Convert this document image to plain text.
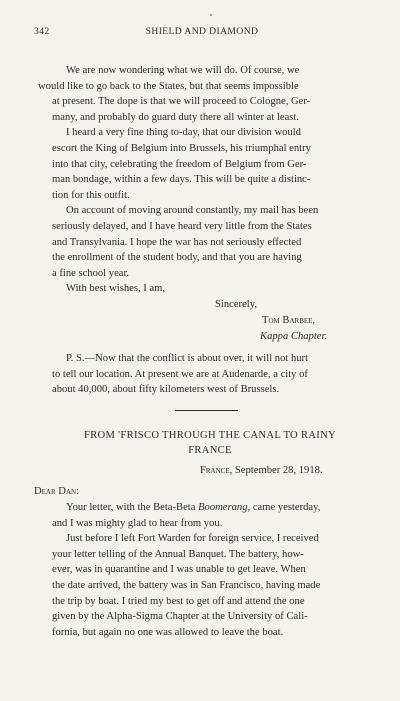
342	SHIELD AND DIAMOND

We are now wondering what we will do. Of course, we
would like to go back to the States, but that seems impossible
at present. The dope is that we will proceed to Cologne, Ger-
many, and probably do guard duty there all winter at least.

I heard a very fine thing to-day, that our division would
escort the King of Belgium into Brussels, his triumphal entry
into that city, celebrating the freedom of Belgium from Ger-
man bondage, within a few days. This will be quite a distinc-
tion for this outfit.

On account of moving around constantly, my mail has been
seriously delayed, and I have heard very little from the States
and Transylvania. I hope the war has not seriously effected
the enrollment of the student body, and that you are having
a fine school year.

With best wishes, I am,

Sincerely,
Tom Barbee,
Kappa Chapter.

P. S.—Now that the conflict is about over, it will not hurt
to tell our location. At present we are at Audenarde, a city of
about 40,000, about fifty kilometers west of Brussels.

FROM 'FRISCO THROUGH THE CANAL TO RAINY
FRANCE
France, September 28, 1918.
Dear Dan:

Your letter, with the Beta-Beta Boomerang, came yesterday,
and I was mighty glad to hear from you.

Just before I left Fort Warden for foreign service, I received
your letter telling of the Annual Banquet. The battery, how-
ever, was in quarantine and I was unable to get leave. When
the date arrived, the battery was in San Francisco, having made
the trip by boat. I tried my best to get off and attend the one
given by the Alpha-Sigma Chapter at the University of Cali-
fornia, but again no one was allowed to leave the boat.
